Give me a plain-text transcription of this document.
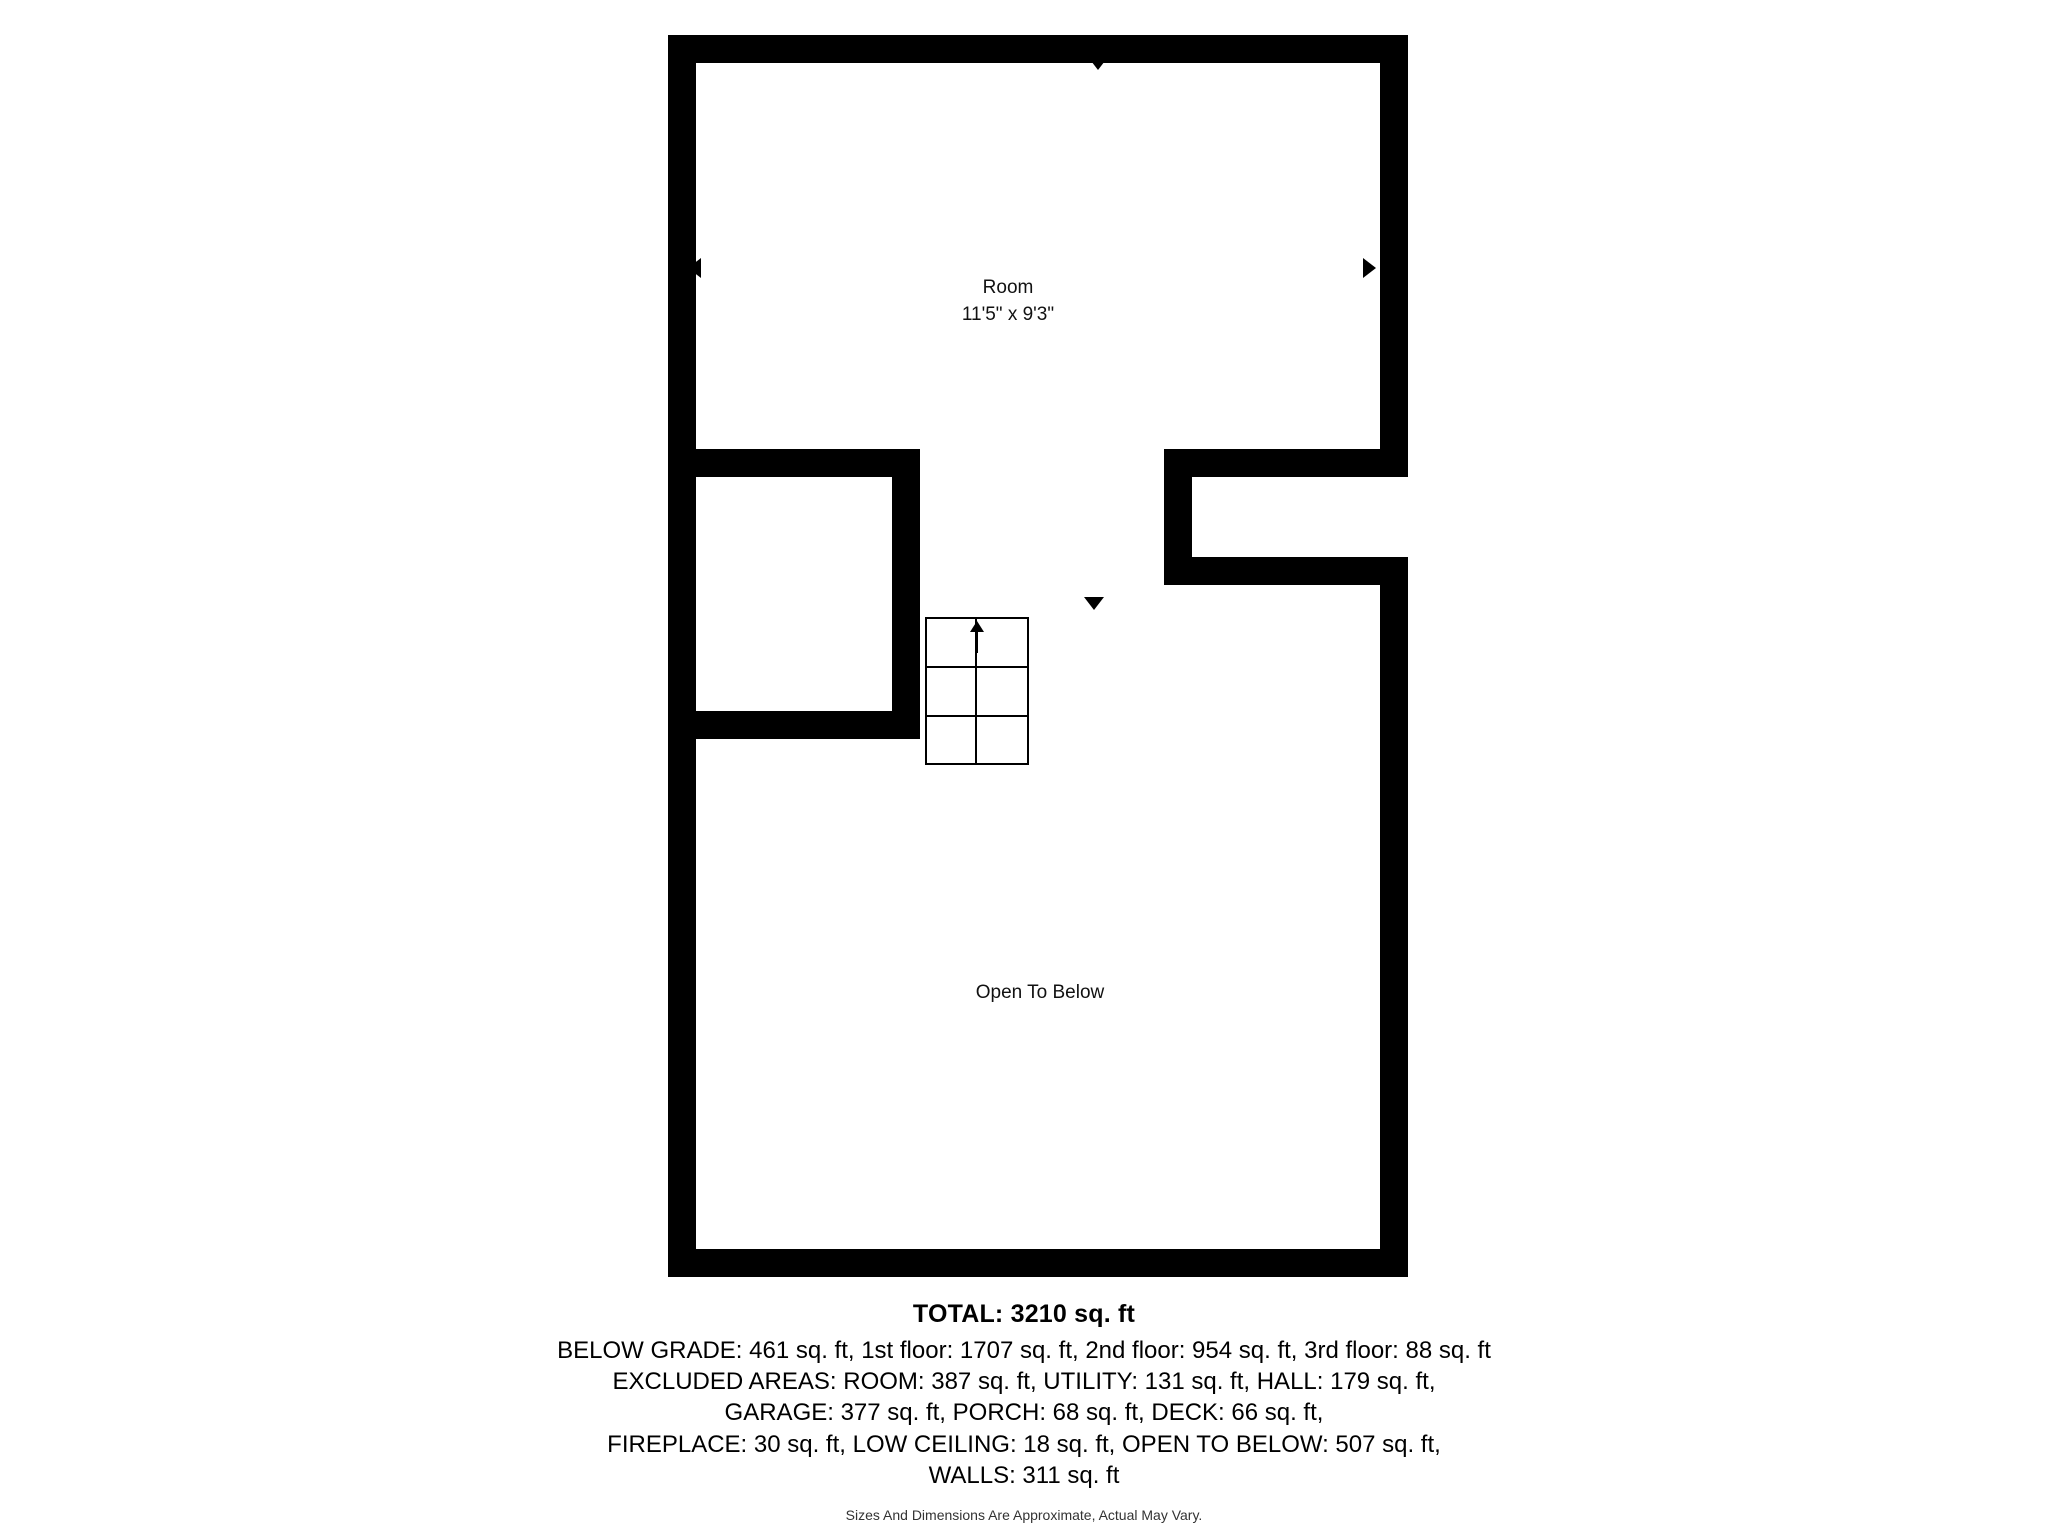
Room
11'5" x 9'3"
Open To Below
TOTAL: 3210 sq. ft
BELOW GRADE: 461 sq. ft, 1st floor: 1707 sq. ft, 2nd floor: 954 sq. ft, 3rd floor: 88 sq. ft
EXCLUDED AREAS: ROOM: 387 sq. ft, UTILITY: 131 sq. ft, HALL: 179 sq. ft,
GARAGE: 377 sq. ft, PORCH: 68 sq. ft, DECK: 66 sq. ft,
FIREPLACE: 30 sq. ft, LOW CEILING: 18 sq. ft, OPEN TO BELOW: 507 sq. ft,
WALLS: 311 sq. ft
Sizes And Dimensions Are Approximate, Actual May Vary.
